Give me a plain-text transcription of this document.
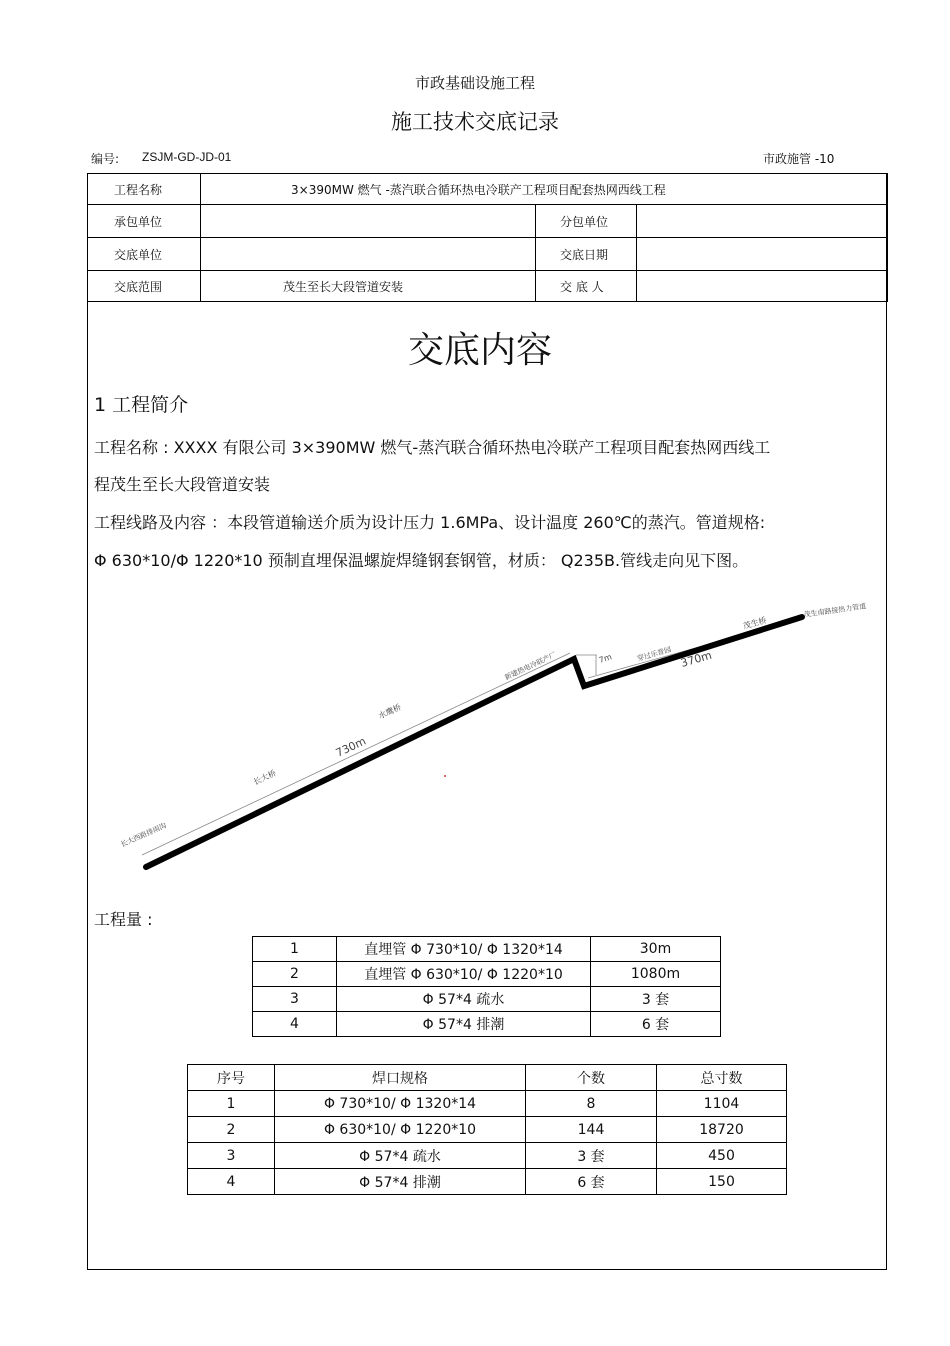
市政基础设施工程
施工技术交底记录
编号: ZSJM-GD-JD-01	市政施管 -10
工程名称	3×390MW 燃气 -蒸汽联合循环热电冷联产工程项目配套热网西线工程		
承包单位		分包单位	
交底单位		交底日期	
交底范围	茂生至长大段管道安装	交 底 人	
交底内容
1 工程简介
工程名称 : XXXX 有限公司 3×390MW 燃气-蒸汽联合循环热电冷联产工程项目配套热网西线工
程茂生至长大段管道安装
工程线路及内容 ：本段管道输送介质为设计压力 1.6MPa、设计温度 260℃的蒸汽。管道规格:
Φ 630*10/Φ 1220*10 预制直埋保温螺旋焊缝钢套钢管，材质： Q235B.管线走向见下图。
长大西路排雨沟
长大桥
730m
水鹰桥
新建热电冷联产厂	7m	穿过乐普园 370m
茂生桥
茂生南路接热力管道
工程量 :
1	直埋管 Φ 730*10/ Φ 1320*14	30m
2	直埋管 Φ 630*10/ Φ 1220*10	1080m
3	Φ 57*4 疏水	3 套
4	Φ 57*4 排潮	6 套
序号	焊口规格	个数	总寸数
1	Φ 730*10/ Φ 1320*14	8	1104
2	Φ 630*10/ Φ 1220*10	144	18720
3	Φ 57*4 疏水	3 套	450
4	Φ 57*4 排潮	6 套	150
